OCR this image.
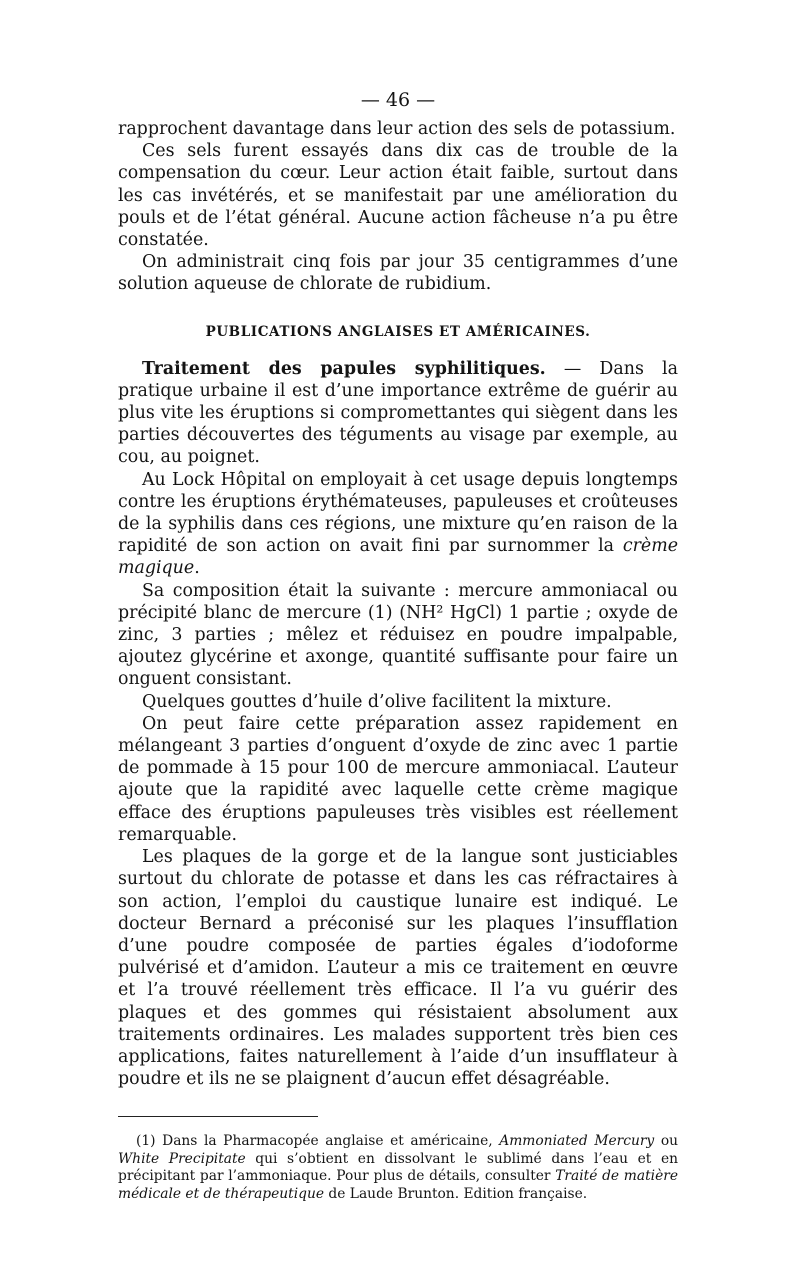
— 46 —

rapprochent davantage dans leur action des sels de potassium.

Ces sels furent essayés dans dix cas de trouble de la compensation du cœur. Leur action était faible, surtout dans les cas invétérés, et se manifestait par une amélioration du pouls et de l’état général. Aucune action fâcheuse n’a pu être constatée.

On administrait cinq fois par jour 35 centigrammes d’une solution aqueuse de chlorate de rubidium.

PUBLICATIONS ANGLAISES ET AMÉRICAINES.

Traitement des papules syphilitiques. — Dans la pratique urbaine il est d’une importance extrême de guérir au plus vite les éruptions si compromettantes qui siègent dans les parties découvertes des téguments au visage par exemple, au cou, au poignet.

Au Lock Hôpital on employait à cet usage depuis longtemps contre les éruptions érythémateuses, papuleuses et croûteuses de la syphilis dans ces régions, une mixture qu’en raison de la rapidité de son action on avait fini par surnommer la crème magique.

Sa composition était la suivante : mercure ammoniacal ou précipité blanc de mercure (1) (NH² HgCl) 1 partie ; oxyde de zinc, 3 parties ; mêlez et réduisez en poudre impalpable, ajoutez glycérine et axonge, quantité suffisante pour faire un onguent consistant.

Quelques gouttes d’huile d’olive facilitent la mixture.

On peut faire cette préparation assez rapidement en mélangeant 3 parties d’onguent d’oxyde de zinc avec 1 partie de pommade à 15 pour 100 de mercure ammoniacal. L’auteur ajoute que la rapidité avec laquelle cette crème magique efface des éruptions papuleuses très visibles est réellement remarquable.

Les plaques de la gorge et de la langue sont justiciables surtout du chlorate de potasse et dans les cas réfractaires à son action, l’emploi du caustique lunaire est indiqué. Le docteur Bernard a préconisé sur les plaques l’insufflation d’une poudre composée de parties égales d’iodoforme pulvérisé et d’amidon. L’auteur a mis ce traitement en œuvre et l’a trouvé réellement très efficace. Il l’a vu guérir des plaques et des gommes qui résistaient absolument aux traitements ordinaires. Les malades supportent très bien ces applications, faites naturellement à l’aide d’un insufflateur à poudre et ils ne se plaignent d’aucun effet désagréable.

(1) Dans la Pharmacopée anglaise et américaine, Ammoniated Mercury ou White Precipitate qui s’obtient en dissolvant le sublimé dans l’eau et en précipitant par l’ammoniaque. Pour plus de détails, consulter Traité de matière médicale et de thérapeutique de Laude Brunton. Edition française.
